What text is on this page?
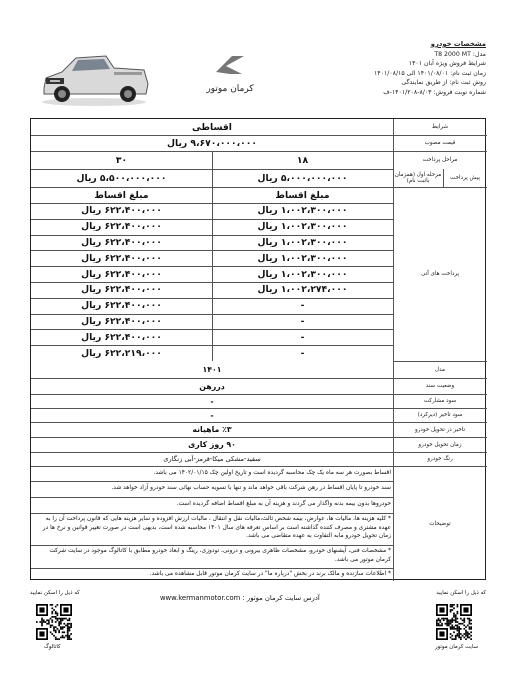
کرمان موتور
مشخصات خودرو
مدل: T8 2000 MT
شرایط فروش ویژه آبان ۱۴۰۱
زمان ثبت نام: ۱۴۰۱/۰۸/۰۱ الی ۱۴۰۱/۰۸/۱۵
روش ثبت نام: از طریق نمایندگی
شماره نوبت فروش: ۸/۰۳-۱۴۰۱/۲۰۸-ف
شرایط
اقساطی
قیمت مصوب
۹،۶۷۰،۰۰۰،۰۰۰ ریال
مراحل پرداخت
۱۸
۳۰
مرحله اول (همزمان باثبت نام)	پیش پرداخت
۵،۰۰۰،۰۰۰،۰۰۰ ریال
۵،۵۰۰،۰۰۰،۰۰۰ ریال
پرداخت های آتی
مبلغ اقساط
مبلغ اقساط
مدل
۱۴۰۱
وضعیت سند
دررهن
سود مشارکت
-
سود تاخیر (دیرکرد)
-
تاخیر در تحویل خودرو
٪۳ ماهیانه
زمان تحویل خودرو
۹۰ روز کاری
رنگ خودرو
سفید-مشکی میکا-قرمز-آبی زنگاری
توضیحات
اقساط بصورت هر سه ماه یک چک محاسبه گردیده است و تاریخ اولین چک ۱۴۰۲/۰۱/۱۵ می باشد.
سند خودرو تا پایان اقساط در رهن شرکت باقی خواهد ماند و تنها با تسویه حساب نهائی سند خودرو آزاد خواهد شد.
خودروها بدون بیمه بدنه واگذار می گردند و هزینه آن به مبلغ اقساط اضافه گردیده است.
* کلیه هزینه ها، مالیات ها، عوارض، بیمه شخص ثالث،مالیات نقل و انتقال ، مالیات ارزش افزوده و سایر هزینه هایی که قانون پرداخت آن را به عهده مشتری و مصرف کننده گذاشته است بر اساس تعرفه های سال ۱۴۰۱ محاسبه شده است، بدیهی است در صورت تغییر قوانین و نرخ ها در زمان تحویل خودرو مابه التفاوت به عهده متقاضی می باشد.
* مشخصات فنی، آپشنهای خودرو، مشخصات ظاهری بیرونی و درونی، تودوزی، رینگ و ابعاد خودرو مطابق با کاتالوگ موجود در سایت شرکت کرمان موتور می باشد.
* اطلاعات سازنده و مالک برند در بخش "درباره ما" در سایت کرمان موتور قابل مشاهده می باشد.
۱،۰۰۲،۳۰۰،۰۰۰ ریال
۶۲۲،۴۰۰،۰۰۰ ریال
۱،۰۰۲،۳۰۰،۰۰۰ ریال
۶۲۲،۴۰۰،۰۰۰ ریال
۱،۰۰۲،۳۰۰،۰۰۰ ریال
۶۲۲،۴۰۰،۰۰۰ ریال
۱،۰۰۲،۳۰۰،۰۰۰ ریال
۶۲۲،۴۰۰،۰۰۰ ریال
۱،۰۰۲،۳۰۰،۰۰۰ ریال
۶۲۲،۴۰۰،۰۰۰ ریال
۱،۰۰۲،۲۷۴،۰۰۰ ریال
۶۲۲،۴۰۰،۰۰۰ ریال
-
۶۲۲،۴۰۰،۰۰۰ ریال
-
۶۲۲،۴۰۰،۰۰۰ ریال
-
۶۲۲،۴۰۰،۰۰۰ ریال
-
۶۲۲،۲۱۹،۰۰۰ ریال
که ذیل را اسکن نمایید
کاتالوگ
آدرس سایت کرمان موتور : www.kermanmotor.com
که ذیل را اسکن نمایید
سایت کرمان موتور
